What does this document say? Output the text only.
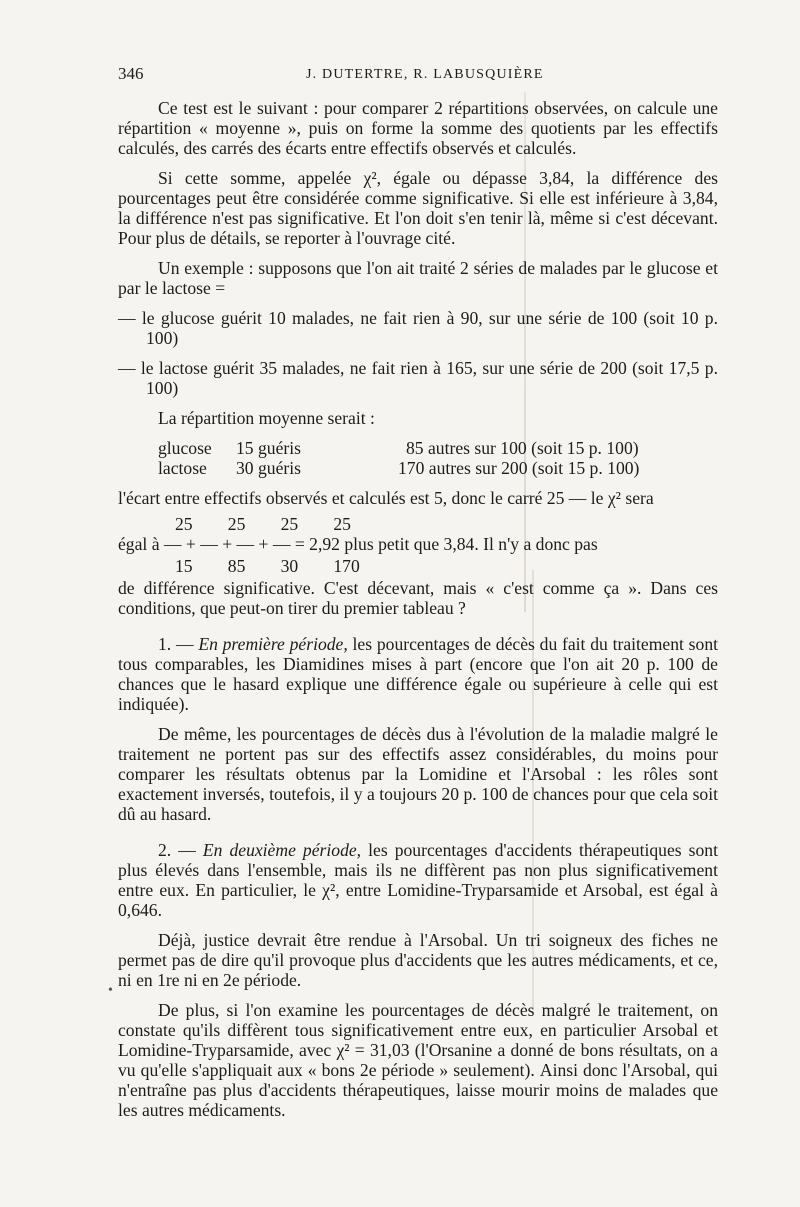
•
346	J. DUTERTRE, R. LABUSQUIÈRE

Ce test est le suivant : pour comparer 2 répartitions observées, on calcule une répartition « moyenne », puis on forme la somme des quotients par les effectifs calculés, des carrés des écarts entre effectifs observés et calculés.

Si cette somme, appelée χ², égale ou dépasse 3,84, la différence des pourcentages peut être considérée comme significative. Si elle est inférieure à 3,84, la différence n'est pas significative. Et l'on doit s'en tenir là, même si c'est décevant. Pour plus de détails, se reporter à l'ouvrage cité.

Un exemple : supposons que l'on ait traité 2 séries de malades par le glucose et par le lactose =

— le glucose guérit 10 malades, ne fait rien à 90, sur une série de 100 (soit 10 p. 100)

— le lactose guérit 35 malades, ne fait rien à 165, sur une série de 200 (soit 17,5 p. 100)

La répartition moyenne serait :

glucose 15 guéris	85 autres sur 100 (soit 15 p. 100)
lactose 30 guéris	170 autres sur 200 (soit 15 p. 100)

l'écart entre effectifs observés et calculés est 5, donc le carré 25 — le χ² sera

25        25        25        25
égal à — + — + — + — = 2,92 plus petit que 3,84. Il n'y a donc pas
15        85        30        170

de différence significative. C'est décevant, mais « c'est comme ça ». Dans ces conditions, que peut-on tirer du premier tableau ?

1. — En première période, les pourcentages de décès du fait du traitement sont tous comparables, les Diamidines mises à part (encore que l'on ait 20 p. 100 de chances que le hasard explique une différence égale ou supérieure à celle qui est indiquée).

De même, les pourcentages de décès dus à l'évolution de la maladie malgré le traitement ne portent pas sur des effectifs assez considérables, du moins pour comparer les résultats obtenus par la Lomidine et l'Arsobal : les rôles sont exactement inversés, toutefois, il y a toujours 20 p. 100 de chances pour que cela soit dû au hasard.

2. — En deuxième période, les pourcentages d'accidents thérapeutiques sont plus élevés dans l'ensemble, mais ils ne diffèrent pas non plus significativement entre eux. En particulier, le χ², entre Lomidine-Tryparsamide et Arsobal, est égal à 0,646.

Déjà, justice devrait être rendue à l'Arsobal. Un tri soigneux des fiches ne permet pas de dire qu'il provoque plus d'accidents que les autres médicaments, et ce, ni en 1re ni en 2e période.

De plus, si l'on examine les pourcentages de décès malgré le traitement, on constate qu'ils diffèrent tous significativement entre eux, en particulier Arsobal et Lomidine-Tryparsamide, avec χ² = 31,03 (l'Orsanine a donné de bons résultats, on a vu qu'elle s'appliquait aux « bons 2e période » seulement). Ainsi donc l'Arsobal, qui n'entraîne pas plus d'accidents thérapeutiques, laisse mourir moins de malades que les autres médicaments.
